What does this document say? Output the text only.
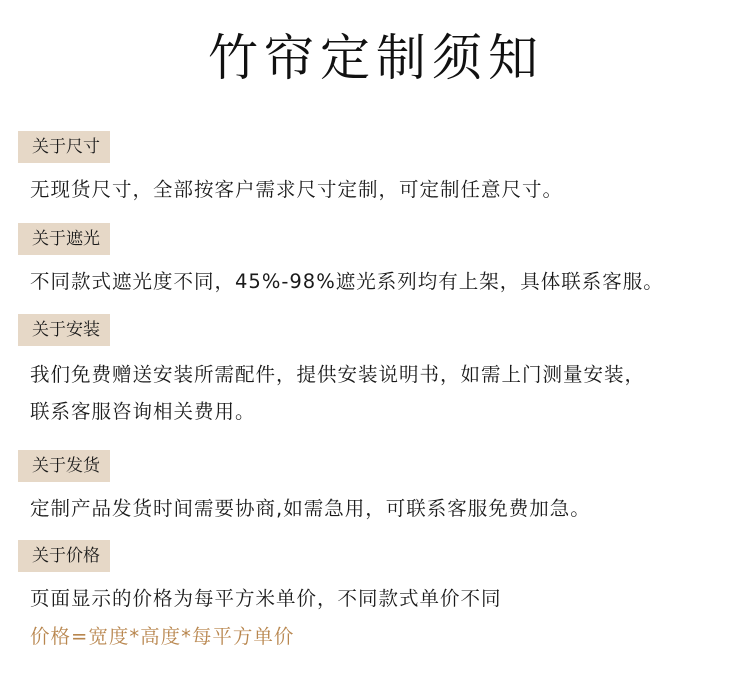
竹帘定制须知
关于尺寸

无现货尺寸，全部按客户需求尺寸定制，可定制任意尺寸。

关于遮光

不同款式遮光度不同，45%-98%遮光系列均有上架，具体联系客服。

关于安装

我们免费赠送安装所需配件，提供安装说明书，如需上门测量安装，

联系客服咨询相关费用。

关于发货

定制产品发货时间需要协商,如需急用，可联系客服免费加急。

关于价格

页面显示的价格为每平方米单价，不同款式单价不同

价格=宽度*高度*每平方单价
